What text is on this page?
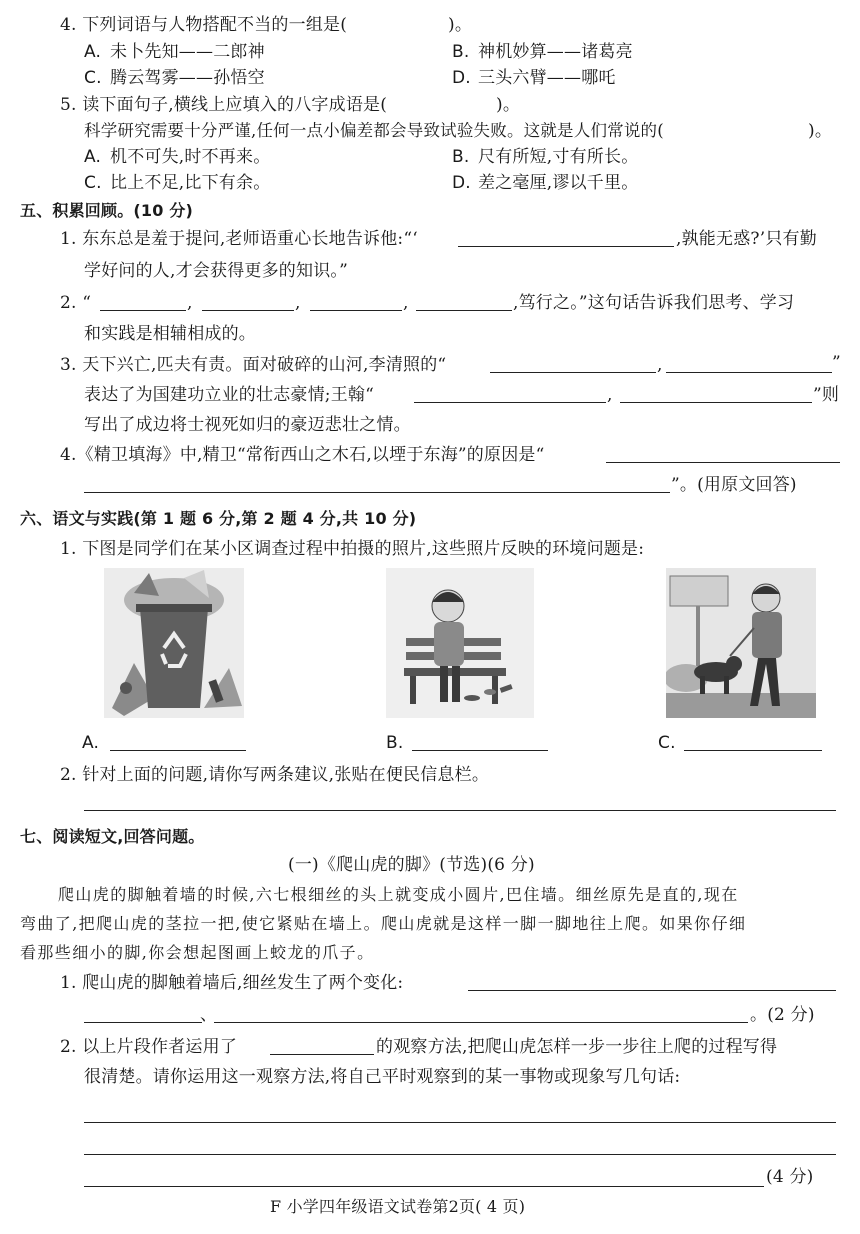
4. 下列词语与人物搭配不当的一组是(	)。
A. 未卜先知——二郎神	B. 神机妙算——诸葛亮
C. 腾云驾雾——孙悟空	D. 三头六臂——哪吒
5. 读下面句子,横线上应填入的八字成语是(	)。
科学研究需要十分严谨,任何一点小偏差都会导致试验失败。这就是人们常说的(	)。
A. 机不可失,时不再来。	B. 尺有所短,寸有所长。
C. 比上不足,比下有余。	D. 差之毫厘,谬以千里。
五、积累回顾。(10 分)
1. 东东总是羞于提问,老师语重心长地告诉他:“‘	,孰能无惑?’只有勤
学好问的人,才会获得更多的知识。”
2. “	,	,	,	,笃行之。”这句话告诉我们思考、学习
和实践是相辅相成的。
3. 天下兴亡,匹夫有责。面对破碎的山河,李清照的“	,	”
表达了为国建功立业的壮志豪情;王翰“	,	”则
写出了成边将士视死如归的豪迈悲壮之情。
4.《精卫填海》中,精卫“常衔西山之木石,以堙于东海”的原因是“
”。(用原文回答)
六、语文与实践(第 1 题 6 分,第 2 题 4 分,共 10 分)
1. 下图是同学们在某小区调查过程中拍摄的照片,这些照片反映的环境问题是:
A.	B.	C.
2. 针对上面的问题,请你写两条建议,张贴在便民信息栏。
七、阅读短文,回答问题。
(一)《爬山虎的脚》(节选)(6 分)
爬山虎的脚触着墙的时候,六七根细丝的头上就变成小圆片,巴住墙。细丝原先是直的,现在
弯曲了,把爬山虎的茎拉一把,使它紧贴在墙上。爬山虎就是这样一脚一脚地往上爬。如果你仔细
看那些细小的脚,你会想起图画上蛟龙的爪子。
1. 爬山虎的脚触着墙后,细丝发生了两个变化:
、	。(2 分)
2. 以上片段作者运用了	的观察方法,把爬山虎怎样一步一步往上爬的过程写得
很清楚。请你运用这一观察方法,将自己平时观察到的某一事物或现象写几句话:
(4 分)
F 小学四年级语文试卷第2页( 4 页)
